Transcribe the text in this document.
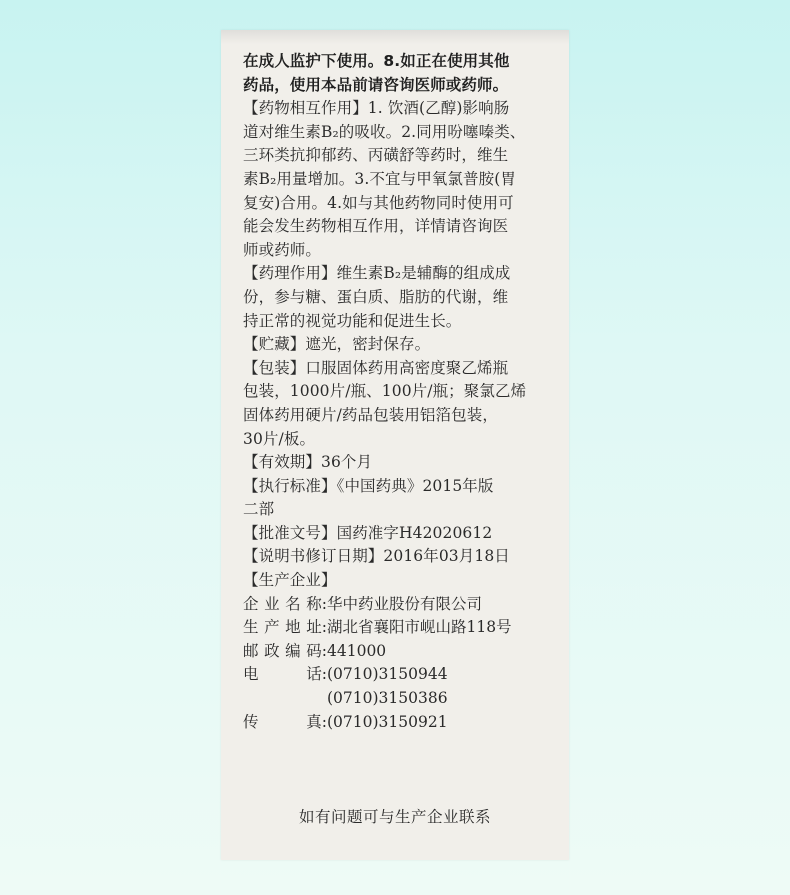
在成人监护下使用。8.如正在使用其他

药品，使用本品前请咨询医师或药师。

【药物相互作用】1. 饮酒(乙醇)影响肠

道对维生素B₂的吸收。2.同用吩噻嗪类、

三环类抗抑郁药、丙磺舒等药时，维生

素B₂用量增加。3.不宜与甲氧氯普胺(胃

复安)合用。4.如与其他药物同时使用可

能会发生药物相互作用，详情请咨询医

师或药师。

【药理作用】维生素B₂是辅酶的组成成

份，参与糖、蛋白质、脂肪的代谢，维

持正常的视觉功能和促进生长。

【贮藏】遮光，密封保存。

【包装】口服固体药用高密度聚乙烯瓶

包装，1000片/瓶、100片/瓶；聚氯乙烯

固体药用硬片/药品包装用铝箔包装，

30片/板。

【有效期】36个月

【执行标准】《中国药典》2015年版

二部

【批准文号】国药准字H42020612

【说明书修订日期】2016年03月18日

【生产企业】

企 业 名 称: 华中药业股份有限公司
生 产 地 址: 湖北省襄阳市岘山路118号
邮 政 编 码: 441000
电	话: (0710)3150944
(0710)3150386
传	真: (0710)3150921
如有问题可与生产企业联系
